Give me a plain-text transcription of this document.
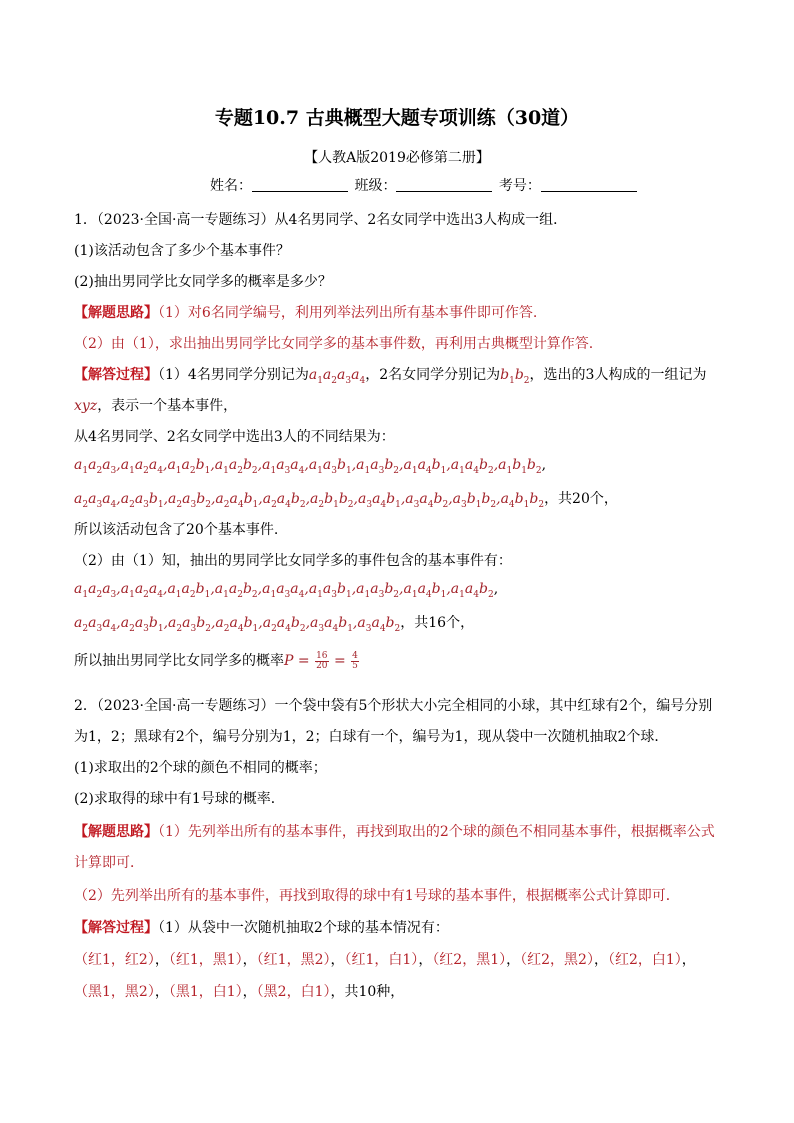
专题10.7 古典概型大题专项训练（30道）
【人教A版2019必修第二册】
姓名：	班级：	考号：
1．（2023·全国·高一专题练习）从4名男同学、2名女同学中选出3人构成一组．
(1)该活动包含了多少个基本事件？
(2)抽出男同学比女同学多的概率是多少？
【解题思路】（1）对6名同学编号，利用列举法列出所有基本事件即可作答.
（2）由（1），求出抽出男同学比女同学多的基本事件数，再利用古典概型计算作答.
【解答过程】（1）4名男同学分别记为$a_1a_2a_3a_4$，2名女同学分别记为$b_1b_2$，选出的3人构成的一组记为
xyz，表示一个基本事件，
从4名男同学、2名女同学中选出3人的不同结果为：
$a_1a_2a_3,a_1a_2a_4,a_1a_2b_1,a_1a_2b_2,a_1a_3a_4,a_1a_3b_1,a_1a_3b_2,a_1a_4b_1,a_1a_4b_2,a_1b_1b_2$,
$a_2a_3a_4,a_2a_3b_1,a_2a_3b_2,a_2a_4b_1,a_2a_4b_2,a_2b_1b_2,a_3a_4b_1,a_3a_4b_2,a_3b_1b_2,a_4b_1b_2$，共20个，
所以该活动包含了20个基本事件.
（2）由（1）知，抽出的男同学比女同学多的事件包含的基本事件有：
$a_1a_2a_3,a_1a_2a_4,a_1a_2b_1,a_1a_2b_2,a_1a_3a_4,a_1a_3b_1,a_1a_3b_2,a_1a_4b_1,a_1a_4b_2$,
$a_2a_3a_4,a_2a_3b_1,a_2a_3b_2,a_2a_4b_1,a_2a_4b_2,a_3a_4b_1,a_3a_4b_2$，共16个，
所以抽出男同学比女同学多的概率$P = \frac{16}{20} = \frac{4}{5}$
2．（2023·全国·高一专题练习）一个袋中袋有5个形状大小完全相同的小球，其中红球有2个，编号分别
为1，2；黑球有2个，编号分别为1，2；白球有一个，编号为1，现从袋中一次随机抽取2个球．
(1)求取出的2个球的颜色不相同的概率；
(2)求取得的球中有1号球的概率．
【解题思路】（1）先列举出所有的基本事件，再找到取出的2个球的颜色不相同基本事件，根据概率公式
计算即可．
（2）先列举出所有的基本事件，再找到取得的球中有1号球的基本事件，根据概率公式计算即可．
【解答过程】（1）从袋中一次随机抽取2个球的基本情况有：
（红1，红2），（红1，黑1），（红1，黑2），（红1，白1），（红2，黑1），（红2，黑2），（红2，白1），
（黑1，黑2），（黑1，白1），（黑2，白1），共10种，
